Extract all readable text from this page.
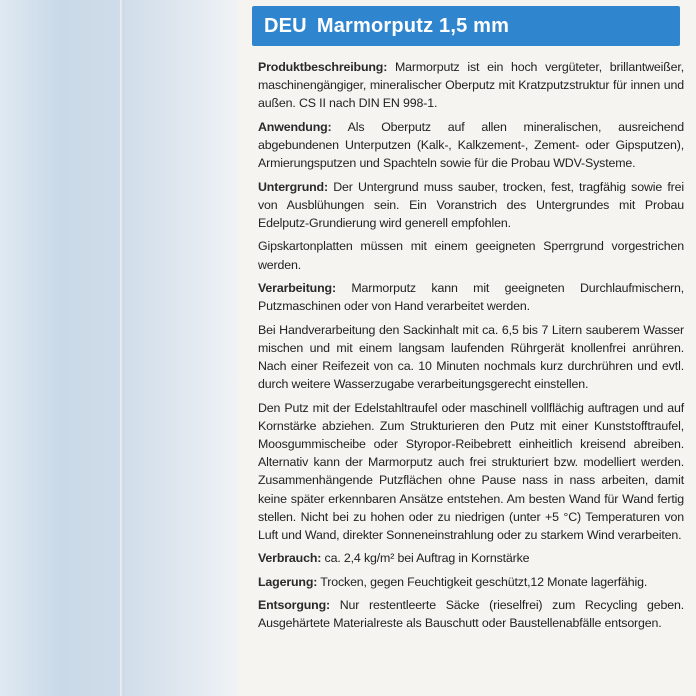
DEU Marmorputz 1,5 mm

Produktbeschreibung: Marmorputz ist ein hoch vergüteter, brillantweißer, maschinengängiger, mineralischer Oberputz mit Kratzputzstruktur für innen und außen. CS II nach DIN EN 998-1.

Anwendung: Als Oberputz auf allen mineralischen, ausreichend abgebundenen Unterputzen (Kalk-, Kalkzement-, Zement- oder Gipsputzen), Armierungsputzen und Spachteln sowie für die Probau WDV-Systeme.

Untergrund: Der Untergrund muss sauber, trocken, fest, tragfähig sowie frei von Ausblühungen sein. Ein Voranstrich des Untergrundes mit Probau Edelputz-Grundierung wird generell empfohlen.

Gipskartonplatten müssen mit einem geeigneten Sperrgrund vorgestrichen werden.

Verarbeitung: Marmorputz kann mit geeigneten Durchlaufmischern, Putzmaschinen oder von Hand verarbeitet werden.

Bei Handverarbeitung den Sackinhalt mit ca. 6,5 bis 7 Litern sauberem Wasser mischen und mit einem langsam laufenden Rührgerät knollenfrei anrühren. Nach einer Reifezeit von ca. 10 Minuten nochmals kurz durchrühren und evtl. durch weitere Wasserzugabe verarbeitungsgerecht einstellen.

Den Putz mit der Edelstahltraufel oder maschinell vollflächig auftragen und auf Kornstärke abziehen. Zum Strukturieren den Putz mit einer Kunststofftraufel, Moosgummischeibe oder Styropor-Reibebrett einheitlich kreisend abreiben. Alternativ kann der Marmorputz auch frei strukturiert bzw. modelliert werden. Zusammenhängende Putzflächen ohne Pause nass in nass arbeiten, damit keine später erkennbaren Ansätze entstehen. Am besten Wand für Wand fertig stellen. Nicht bei zu hohen oder zu niedrigen (unter +5 °C) Temperaturen von Luft und Wand, direkter Sonneneinstrahlung oder zu starkem Wind verarbeiten.

Verbrauch: ca. 2,4 kg/m² bei Auftrag in Kornstärke

Lagerung: Trocken, gegen Feuchtigkeit geschützt,12 Monate lagerfähig.

Entsorgung: Nur restentleerte Säcke (rieselfrei) zum Recycling geben. Ausgehärtete Materialreste als Bauschutt oder Baustellenabfälle entsorgen.
